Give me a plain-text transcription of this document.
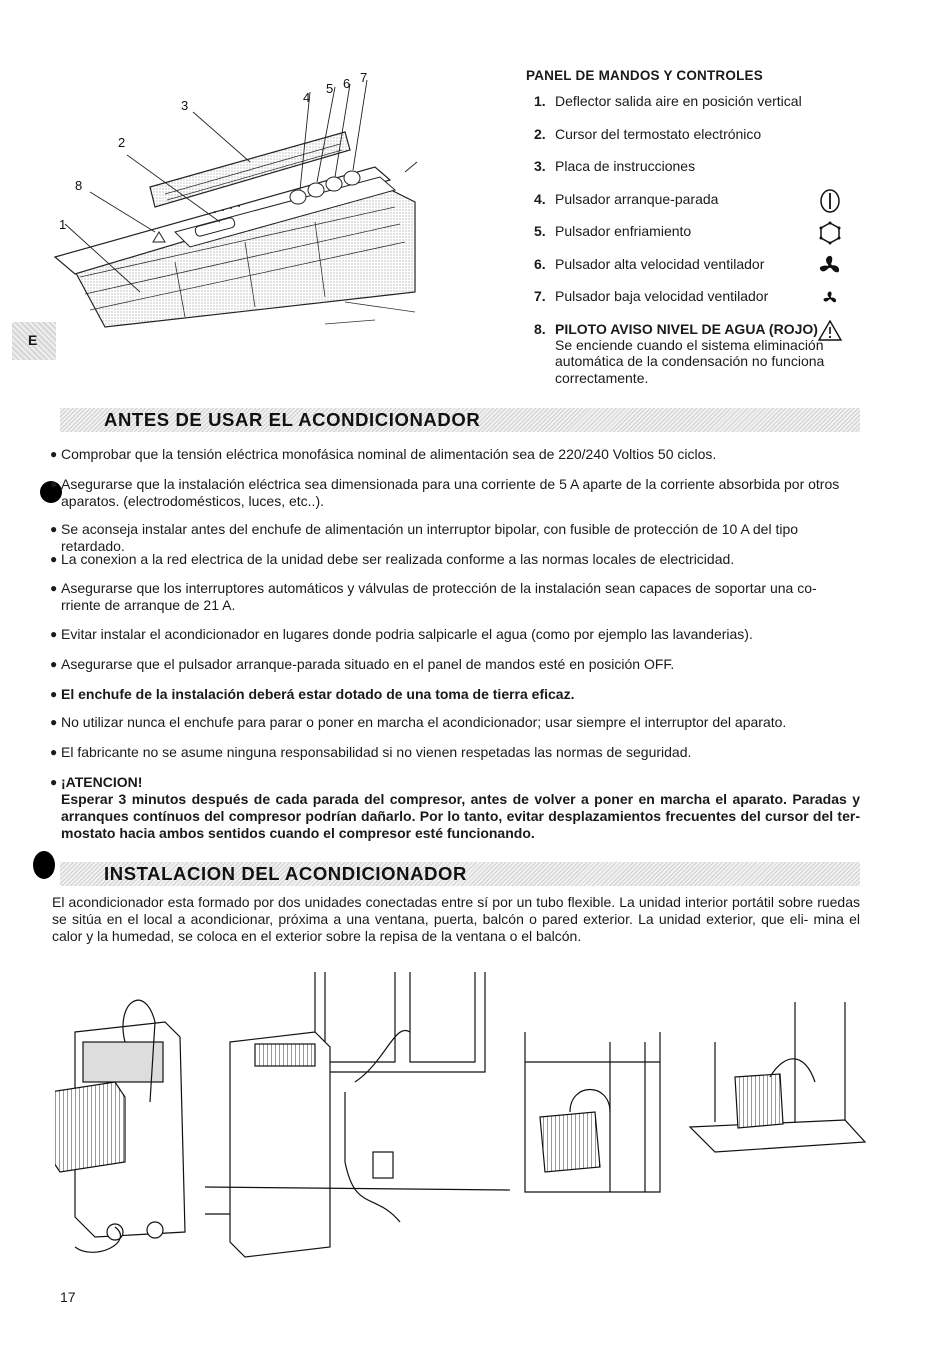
1
2
3
4
5 6 7
8
E
PANEL DE MANDOS Y CONTROLES
1. Deflector salida aire en posición vertical
2. Cursor del termostato electrónico
3. Placa de instrucciones
4. Pulsador arranque-parada
5. Pulsador enfriamiento
6. Pulsador alta velocidad ventilador
7. Pulsador baja velocidad ventilador
8. PILOTO AVISO NIVEL DE AGUA (ROJO)
Se enciende cuando el sistema eliminación automática de la condensación no funciona correctamente.
ANTES DE USAR EL ACONDICIONADOR
● Comprobar que la tensión eléctrica monofásica nominal de alimentación sea de 220/240 Voltios 50 ciclos.
● Asegurarse que la instalación eléctrica sea dimensionada para una corriente de 5 A aparte de la corriente absorbida por otros aparatos. (electrodomésticos, luces, etc..).
● Se aconseja instalar antes del enchufe de alimentación un interruptor bipolar, con fusible de protección de 10 A del tipo retardado.
● La conexion a la red electrica de la unidad debe ser realizada conforme a las normas locales de electricidad.
● Asegurarse que los interruptores automáticos y válvulas de protección de la instalación sean capaces de soportar una co- rriente de arranque de 21 A.
● Evitar instalar el acondicionador en lugares donde podria salpicarle el agua (como por ejemplo las lavanderias).
● Asegurarse que el pulsador arranque-parada situado en el panel de mandos esté en posición OFF.
● El enchufe de la instalación deberá estar dotado de una toma de tierra eficaz.
● No utilizar nunca el enchufe para parar o poner en marcha el acondicionador; usar siempre el interruptor del aparato.
● El fabricante no se asume ninguna responsabilidad si no vienen respetadas las normas de seguridad.
● ¡ATENCION!
Esperar 3 minutos después de cada parada del compresor, antes de volver a poner en marcha el aparato. Paradas y arranques contínuos del compresor podrían dañarlo. Por lo tanto, evitar desplazamientos frecuentes del cursor del ter- mostato hacia ambos sentidos cuando el compresor esté funcionando.
INSTALACION DEL ACONDICIONADOR
El acondicionador esta formado por dos unidades conectadas entre sí por un tubo flexible. La unidad interior portátil sobre ruedas se sitúa en el local a acondicionar, próxima a una ventana, puerta, balcón o pared exterior. La unidad exterior, que eli- mina el calor y la humedad, se coloca en el exterior sobre la repisa de la ventana o el balcón.
17
